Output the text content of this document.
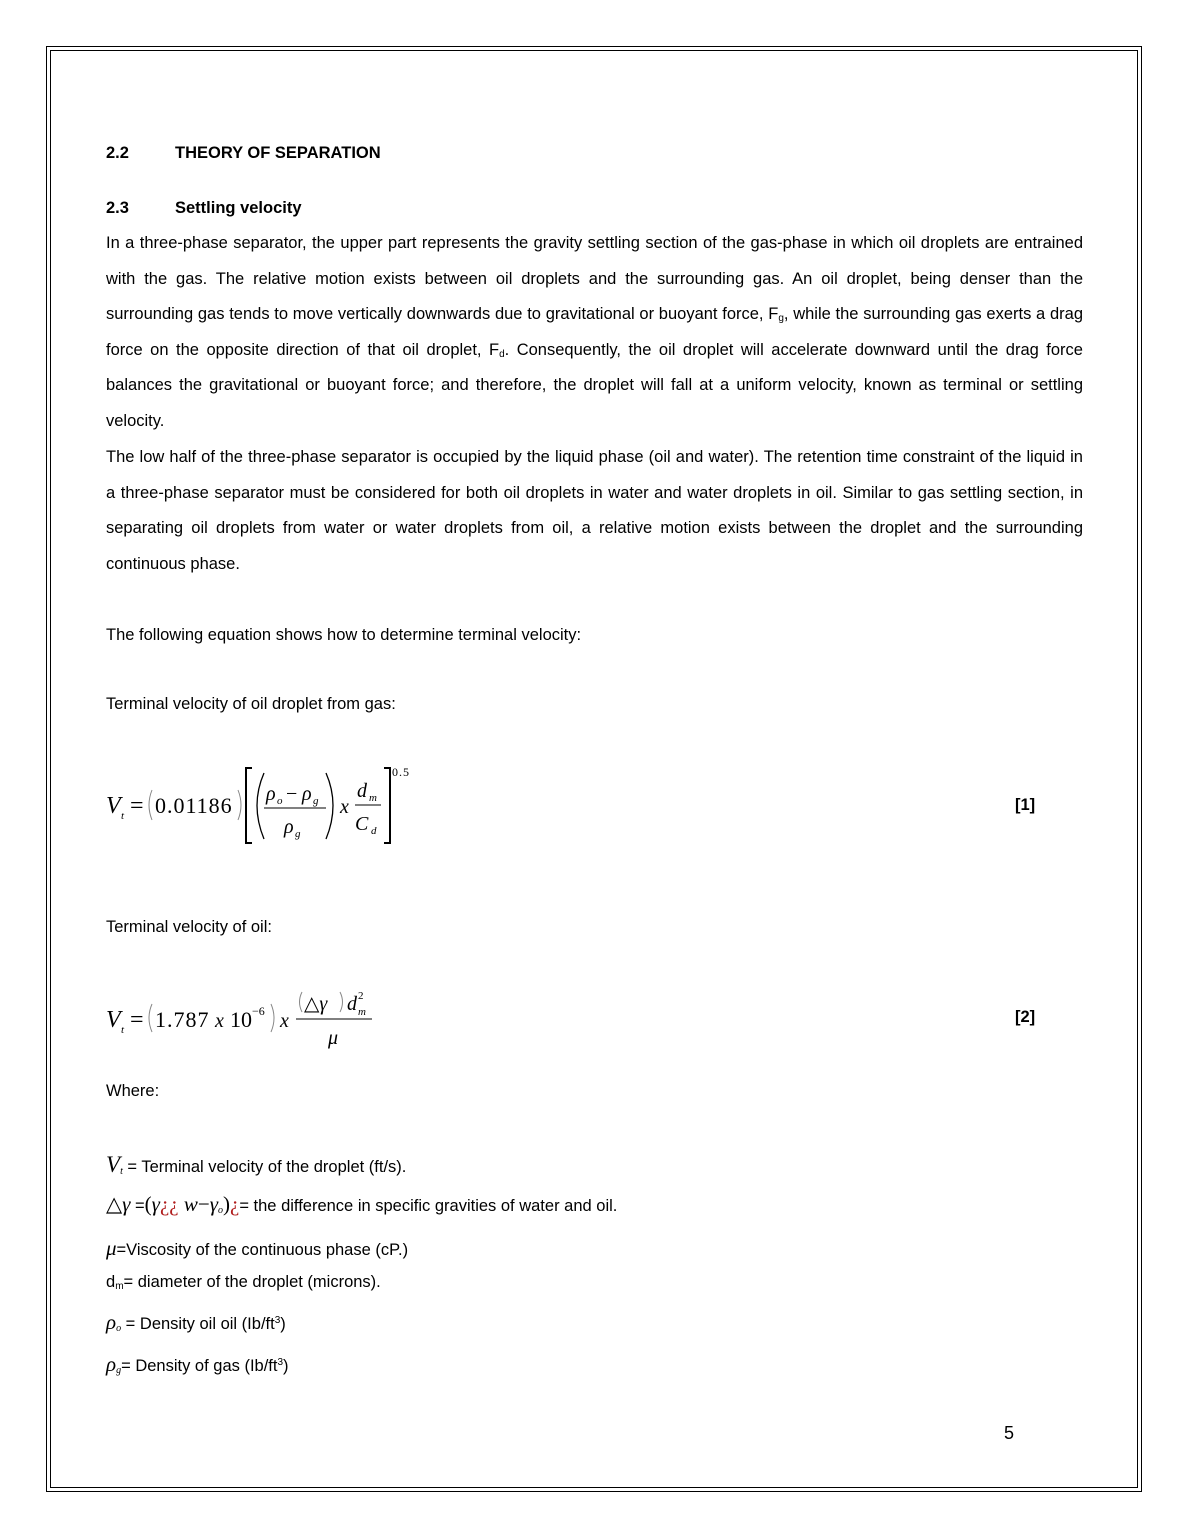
2.2	THEORY OF SEPARATION
2.3	Settling velocity
In a three-phase separator, the upper part represents the gravity settling section of the gas-phase in which oil droplets are entrained with the gas. The relative motion exists between oil droplets and the surrounding gas. An oil droplet, being denser than the surrounding gas tends to move vertically downwards due to gravitational or buoyant force, $F_g$, while the surrounding gas exerts a drag force on the opposite direction of that oil droplet, $F_d$. Consequently, the oil droplet will accelerate downward until the drag force balances the gravitational or buoyant force; and therefore, the droplet will fall at a uniform velocity, known as terminal or settling velocity.
The low half of the three-phase separator is occupied by the liquid phase (oil and water). The retention time constraint of the liquid in a three-phase separator must be considered for both oil droplets in water and water droplets in oil. Similar to gas settling section, in separating oil droplets from water or water droplets from oil, a relative motion exists between the droplet and the surrounding continuous phase.
The following equation shows how to determine terminal velocity:
Terminal velocity of oil droplet from gas:
V t = 0.01186 ρ o − ρ g
ρ g
x
d m
C d
0.5
[1]
Terminal velocity of oil:
V t = 1.787 x 10 −6 x
△γ d 2
m
μ
[2]
Where:
$V_t$ = Terminal velocity of the droplet (ft/s).
△γ =(γ¿¿ $w-\gamma_o)¿=$ the difference in specific gravities of water and oil.
μ=Viscosity of the continuous phase (cP.)
$d_m=$ diameter of the droplet (microns).
$\rho_o$ = Density oil oil $(Ib/ft^3)$
$\rho_g=$ Density of gas $(Ib/ft^3)$
5
